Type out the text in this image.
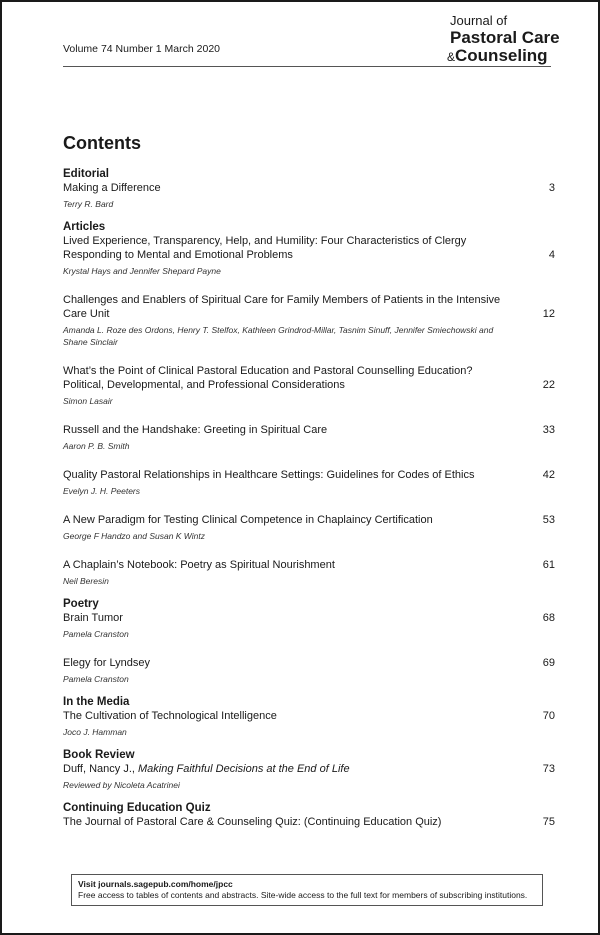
Volume 74 Number 1 March 2020
Journal of
Pastoral Care
&Counseling
Contents
Editorial
Making a Difference
Terry R. Bard
3
Articles
Lived Experience, Transparency, Help, and Humility: Four Characteristics of Clergy Responding to Mental and Emotional Problems
Krystal Hays and Jennifer Shepard Payne
4
Challenges and Enablers of Spiritual Care for Family Members of Patients in the Intensive Care Unit
Amanda L. Roze des Ordons, Henry T. Stelfox, Kathleen Grindrod-Millar, Tasnim Sinuff, Jennifer Smiechowski and Shane Sinclair
12
What’s the Point of Clinical Pastoral Education and Pastoral Counselling Education? Political, Developmental, and Professional Considerations
Simon Lasair
22
Russell and the Handshake: Greeting in Spiritual Care
Aaron P. B. Smith
33
Quality Pastoral Relationships in Healthcare Settings: Guidelines for Codes of Ethics
Evelyn J. H. Peeters
42
A New Paradigm for Testing Clinical Competence in Chaplaincy Certification
George F Handzo and Susan K Wintz
53
A Chaplain’s Notebook: Poetry as Spiritual Nourishment
Neil Beresin
61
Poetry
Brain Tumor
Pamela Cranston
68
Elegy for Lyndsey
Pamela Cranston
69
In the Media
The Cultivation of Technological Intelligence
Joco J. Hamman
70
Book Review
Duff, Nancy J., Making Faithful Decisions at the End of Life
Reviewed by Nicoleta Acatrinei
73
Continuing Education Quiz
The Journal of Pastoral Care & Counseling Quiz: (Continuing Education Quiz)	75
Visit journals.sagepub.com/home/jpcc
Free access to tables of contents and abstracts. Site-wide access to the full text for members of subscribing institutions.
